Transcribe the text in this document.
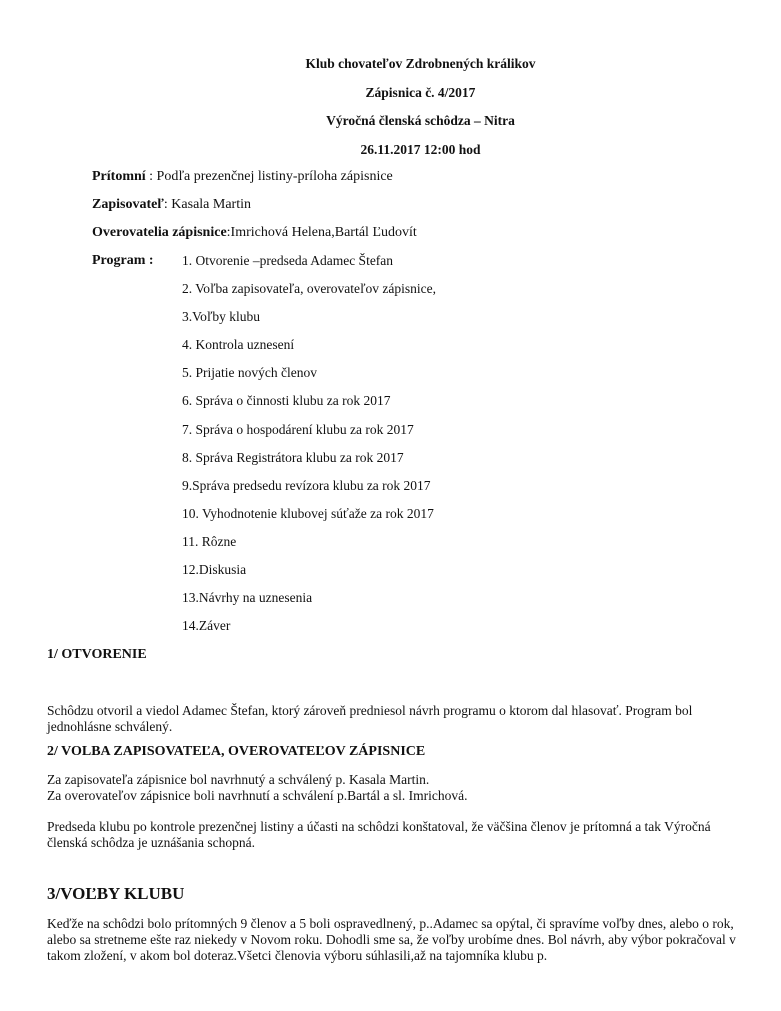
Klub chovateľov Zdrobnených králikov
Zápisnica č. 4/2017
Výročná členská schôdza – Nitra
26.11.2017 12:00 hod
Prítomní : Podľa prezenčnej listiny-príloha zápisnice
Zapisovateľ: Kasala Martin
Overovatelia zápisnice:Imrichová Helena,Bartál Ľudovít
Program : 1. Otvorenie –predseda Adamec Štefan
2. Voľba zapisovateľa, overovateľov zápisnice,
3.Voľby klubu
4. Kontrola uznesení
5. Prijatie nových členov
6. Správa o činnosti klubu za rok 2017
7. Správa o hospodárení klubu za rok 2017
8. Správa Registrátora klubu za rok 2017
9.Správa predsedu revízora klubu za rok 2017
10. Vyhodnotenie klubovej súťaže za rok 2017
11. Rôzne
12.Diskusia
13.Návrhy na uznesenia
14.Záver
1/ OTVORENIE
Schôdzu otvoril a viedol Adamec Štefan, ktorý zároveň predniesol návrh programu o ktorom dal hlasovať. Program bol jednohlásne schválený.
2/ VOLBA ZAPISOVATEĽA, OVEROVATEĽOV ZÁPISNICE
Za zapisovateľa zápisnice bol navrhnutý a schválený p. Kasala Martin.
Za overovateľov zápisnice boli navrhnutí a schválení p.Bartál a sl. Imrichová.
Predseda klubu po kontrole prezenčnej listiny a účasti na schôdzi konštatoval, že väčšina členov je prítomná a tak Výročná členská schôdza je uznášania schopná.
3/VOĽBY KLUBU
Keďže na schôdzi bolo prítomných 9 členov a 5 boli ospravedlnený, p..Adamec sa opýtal, či spravíme voľby dnes, alebo o rok, alebo sa stretneme ešte raz niekedy v Novom roku. Dohodli sme sa, že voľby urobíme dnes. Bol návrh, aby výbor pokračoval v takom zložení, v akom bol doteraz.Všetci členovia výboru súhlasili,až na tajomníka klubu p.
